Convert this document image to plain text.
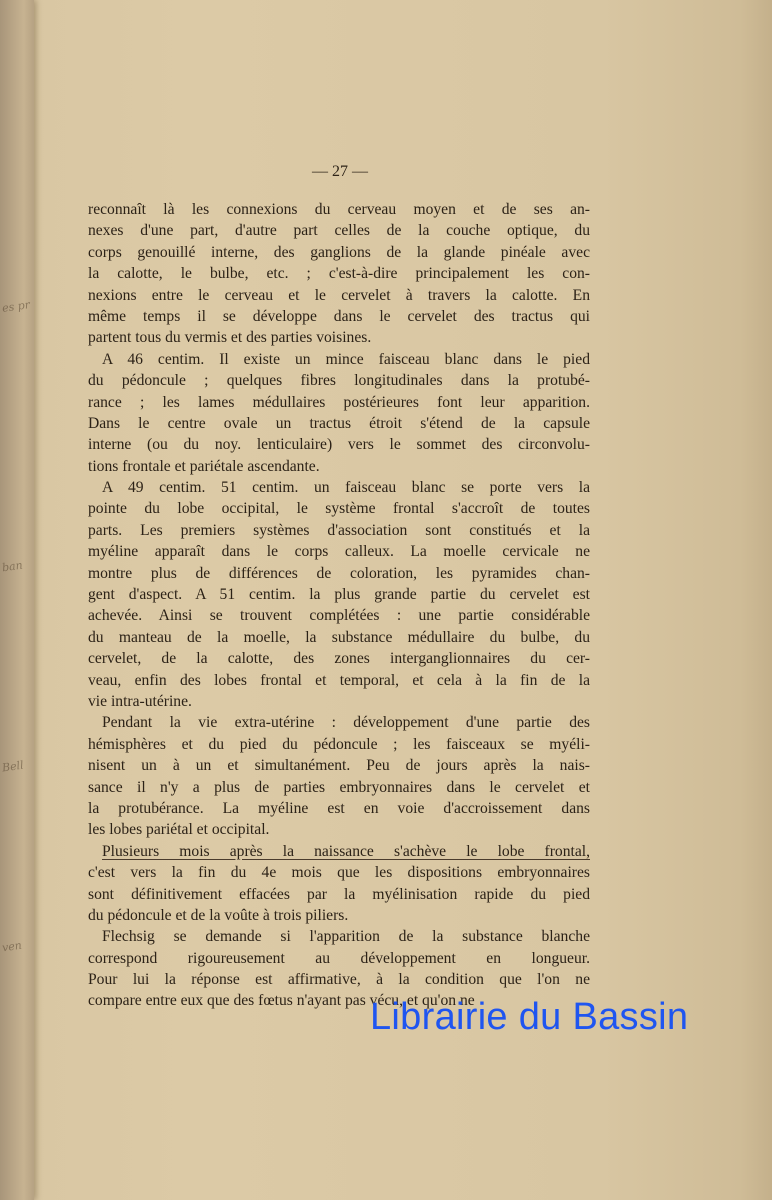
es pr
ban
Bell
ven
— 27 —
reconnaît là les connexions du cerveau moyen et de ses an-
nexes d'une part, d'autre part celles de la couche optique, du
corps genouillé interne, des ganglions de la glande pinéale avec
la calotte, le bulbe, etc. ; c'est-à-dire principalement les con-
nexions entre le cerveau et le cervelet à travers la calotte. En
même temps il se développe dans le cervelet des tractus qui
partent tous du vermis et des parties voisines.
A 46 centim. Il existe un mince faisceau blanc dans le pied
du pédoncule ; quelques fibres longitudinales dans la protubé-
rance ; les lames médullaires postérieures font leur apparition.
Dans le centre ovale un tractus étroit s'étend de la capsule
interne (ou du noy. lenticulaire) vers le sommet des circonvolu-
tions frontale et pariétale ascendante.
A 49 centim. 51 centim. un faisceau blanc se porte vers la
pointe du lobe occipital, le système frontal s'accroît de toutes
parts. Les premiers systèmes d'association sont constitués et la
myéline apparaît dans le corps calleux. La moelle cervicale ne
montre plus de différences de coloration, les pyramides chan-
gent d'aspect. A 51 centim. la plus grande partie du cervelet est
achevée. Ainsi se trouvent complétées : une partie considérable
du manteau de la moelle, la substance médullaire du bulbe, du
cervelet, de la calotte, des zones interganglionnaires du cer-
veau, enfin des lobes frontal et temporal, et cela à la fin de la
vie intra-utérine.
Pendant la vie extra-utérine : développement d'une partie des
hémisphères et du pied du pédoncule ; les faisceaux se myéli-
nisent un à un et simultanément. Peu de jours après la nais-
sance il n'y a plus de parties embryonnaires dans le cervelet et
la protubérance. La myéline est en voie d'accroissement dans
les lobes pariétal et occipital.
Plusieurs mois après la naissance s'achève le lobe frontal,
c'est vers la fin du 4e mois que les dispositions embryonnaires
sont définitivement effacées par la myélinisation rapide du pied
du pédoncule et de la voûte à trois piliers.
Flechsig se demande si l'apparition de la substance blanche
correspond rigoureusement au développement en longueur.
Pour lui la réponse est affirmative, à la condition que l'on ne
compare entre eux que des fœtus n'ayant pas vécu, et qu'on ne
Librairie du Bassin
